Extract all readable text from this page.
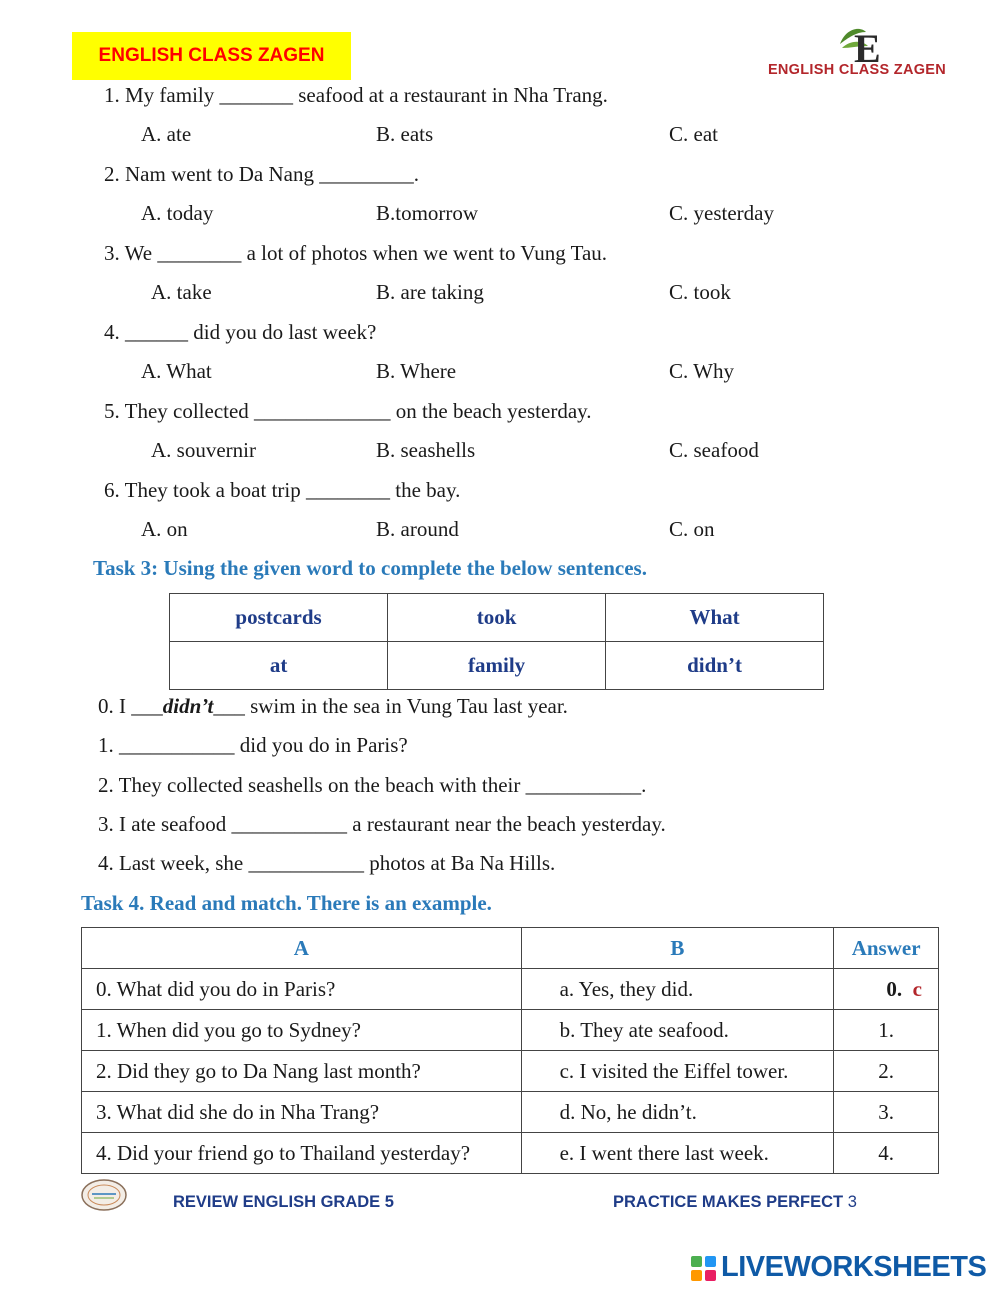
ENGLISH CLASS ZAGEN	E
ENGLISH CLASS ZAGEN
1. My family _______ seafood at a restaurant in Nha Trang.
A. ate	B. eats	C. eat
2. Nam went to Da Nang _________.
A. today	B.tomorrow	C. yesterday
3. We ________ a lot of photos when we went to Vung Tau.
A. take	B. are taking	C. took
4. ______ did you do last week?
A. What	B. Where	C. Why
5. They collected _____________ on the beach yesterday.
A. souvernir	B. seashells	C. seafood
6. They took a boat trip ________ the bay.
A. on	B. around	C. on
Task 3: Using the given word to complete the below sentences.
postcards	took	What
at	family	didn’t
0. I ___didn’t___ swim in the sea in Vung Tau last year.
1. ___________ did you do in Paris?
2. They collected seashells on the beach with their ___________.
3. I ate seafood ___________ a restaurant near the beach yesterday.
4. Last week, she ___________ photos at Ba Na Hills.
Task 4. Read and match. There is an example.
A	B	Answer
0. What did you do in Paris?	a. Yes, they did.	0. c
1. When did you go to Sydney?	b. They ate seafood.	1.
2. Did they go to Da Nang last month?	c. I visited the Eiffel tower.	2.
3. What did she do in Nha Trang?	d. No, he didn’t.	3.
4. Did your friend go to Thailand yesterday?	e. I went there last week.	4.
REVIEW ENGLISH GRADE 5	PRACTICE MAKES PERFECT 3
LIVEWORKSHEETS
